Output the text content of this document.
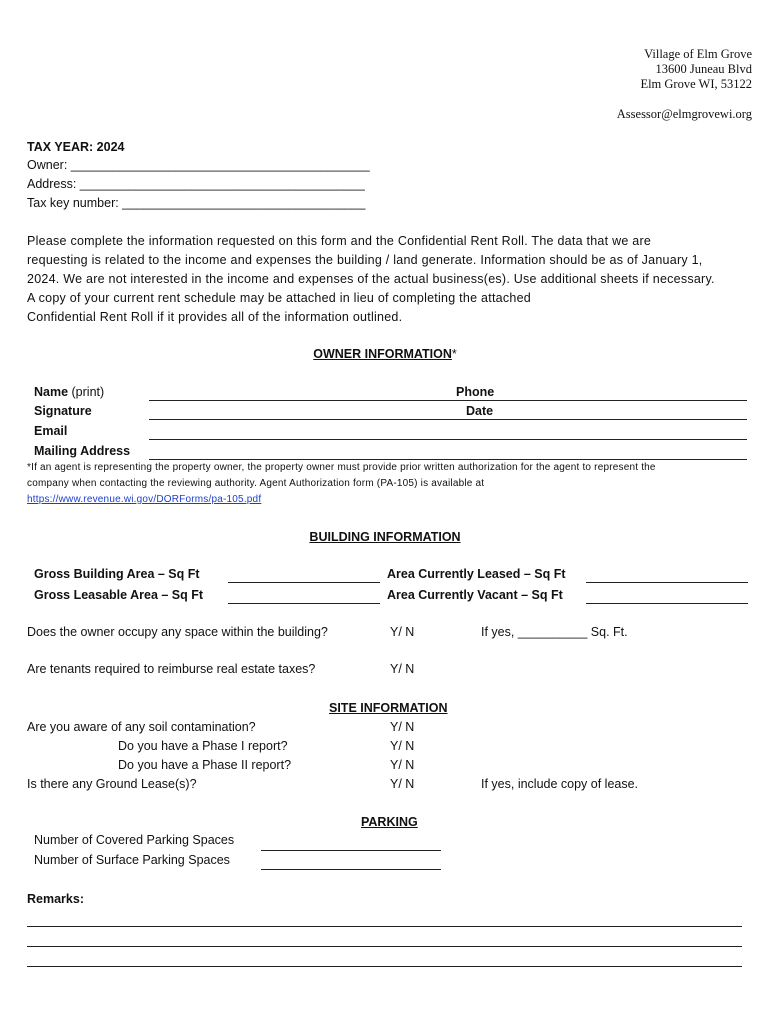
Village of Elm Grove
13600 Juneau Blvd
Elm Grove WI, 53122
Assessor@elmgrovewi.org
TAX YEAR: 2024
Owner: ___________________________________________
Address: _________________________________________
Tax key number: ___________________________________
Please complete the information requested on this form and the Confidential Rent Roll. The data that we are
requesting is related to the income and expenses the building / land generate. Information should be as of January 1,
2024. We are not interested in the income and expenses of the actual business(es). Use additional sheets if necessary.
A copy of your current rent schedule may be attached in lieu of completing the attached
Confidential Rent Roll if it provides all of the information outlined.
OWNER INFORMATION*
Name (print)	Phone
Signature	Date
Email
Mailing Address
*If an agent is representing the property owner, the property owner must provide prior written authorization for the agent to represent the
company when contacting the reviewing authority. Agent Authorization form (PA-105) is available at
https://www.revenue.wi.gov/DORForms/pa-105.pdf
BUILDING INFORMATION
Gross Building Area – Sq Ft	Area Currently Leased – Sq Ft
Gross Leasable Area – Sq Ft	Area Currently Vacant – Sq Ft
Does the owner occupy any space within the building?	Y/ N	If yes, __________ Sq. Ft.
Are tenants required to reimburse real estate taxes?	Y/ N
SITE INFORMATION
Are you aware of any soil contamination?	Y/ N
Do you have a Phase I report?	Y/ N
Do you have a Phase II report?	Y/ N
Is there any Ground Lease(s)?	Y/ N	If yes, include copy of lease.
PARKING
Number of Covered Parking Spaces
Number of Surface Parking Spaces
Remarks:
